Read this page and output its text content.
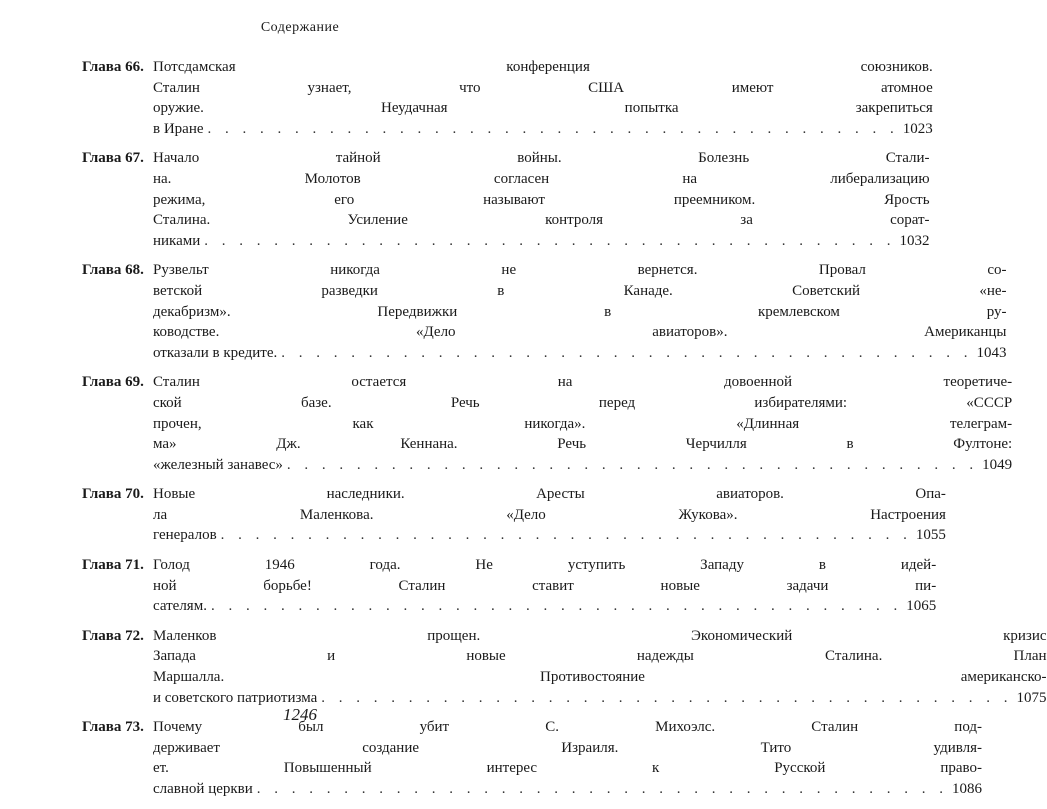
Содержание
Глава 66. Потсдамская конференция союзников.
Сталин узнает, что США имеют атомное
оружие. Неудачная попытка закрепиться
в Иране . . .	1023
Глава 67. Начало тайной войны. Болезнь Стали-
на. Молотов согласен на либерализацию
режима, его называют преемником. Ярость
Сталина. Усиление контроля за сорат-
никами . . .	1032
Глава 68. Рузвельт никогда не вернется. Провал со-
ветской разведки в Канаде. Советский «не-
декабризм». Передвижки в кремлевском ру-
ководстве. «Дело авиаторов». Американцы
отказали в кредите. . . .	1043
Глава 69. Сталин остается на довоенной теоретиче-
ской базе. Речь перед избирателями: «СССР
прочен, как никогда». «Длинная телеграм-
ма» Дж. Кеннана. Речь Черчилля в Фултоне:
«железный занавес» . . .	1049
Глава 70. Новые наследники. Аресты авиаторов. Опа-
ла Маленкова. «Дело Жукова». Настроения
генералов . . .	1055
Глава 71. Голод 1946 года. Не уступить Западу в идей-
ной борьбе! Сталин ставит новые задачи пи-
сателям. . . .	1065
Глава 72. Маленков прощен. Экономический кризис
Запада и новые надежды Сталина. План
Маршалла. Противостояние американско-
и советского патриотизма . . .	1075
Глава 73. Почему был убит С. Михоэлс. Сталин под-
держивает создание Израиля. Тито удивля-
ет. Повышенный интерес к Русской право-
славной церкви . . .	1086
1246
